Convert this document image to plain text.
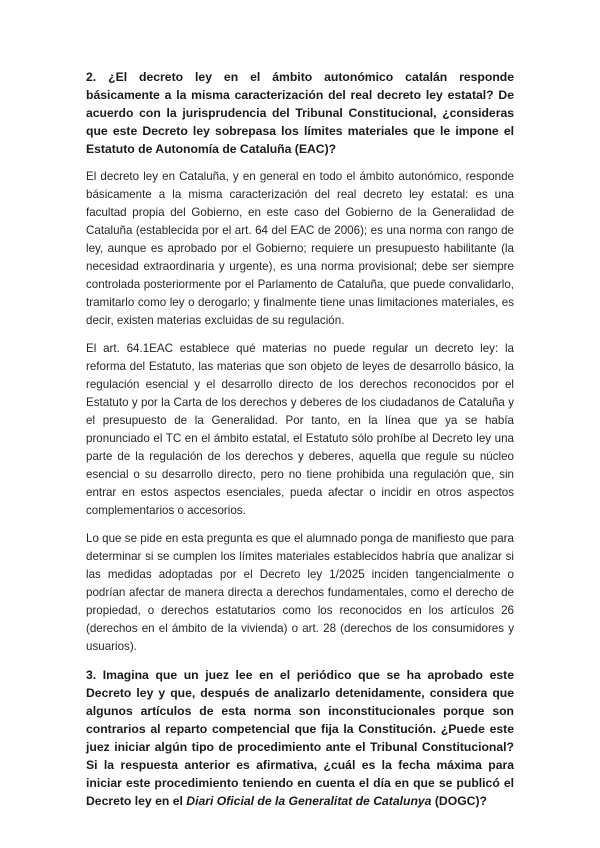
2. ¿El decreto ley en el ámbito autonómico catalán responde básicamente a la misma caracterización del real decreto ley estatal? De acuerdo con la jurisprudencia del Tribunal Constitucional, ¿consideras que este Decreto ley sobrepasa los límites materiales que le impone el Estatuto de Autonomía de Cataluña (EAC)?

El decreto ley en Cataluña, y en general en todo el ámbito autonómico, responde básicamente a la misma caracterización del real decreto ley estatal: es una facultad propia del Gobierno, en este caso del Gobierno de la Generalidad de Cataluña (establecida por el art. 64 del EAC de 2006); es una norma con rango de ley, aunque es aprobado por el Gobierno; requiere un presupuesto habilitante (la necesidad extraordinaria y urgente), es una norma provisional; debe ser siempre controlada posteriormente por el Parlamento de Cataluña, que puede convalidarlo, tramitarlo como ley o derogarlo; y finalmente tiene unas limitaciones materiales, es decir, existen materias excluidas de su regulación.

El art. 64.1EAC establece qué materias no puede regular un decreto ley: la reforma del Estatuto, las materias que son objeto de leyes de desarrollo básico, la regulación esencial y el desarrollo directo de los derechos reconocidos por el Estatuto y por la Carta de los derechos y deberes de los ciudadanos de Cataluña y el presupuesto de la Generalidad. Por tanto, en la línea que ya se había pronunciado el TC en el ámbito estatal, el Estatuto sólo prohíbe al Decreto ley una parte de la regulación de los derechos y deberes, aquella que regule su núcleo esencial o su desarrollo directo, pero no tiene prohibida una regulación que, sin entrar en estos aspectos esenciales, pueda afectar o incidir en otros aspectos complementarios o accesorios.

Lo que se pide en esta pregunta es que el alumnado ponga de manifiesto que para determinar si se cumplen los límites materiales establecidos habría que analizar si las medidas adoptadas por el Decreto ley 1/2025 inciden tangencialmente o podrían afectar de manera directa a derechos fundamentales, como el derecho de propiedad, o derechos estatutarios como los reconocidos en los artículos 26 (derechos en el ámbito de la vivienda) o art. 28 (derechos de los consumidores y usuarios).

3. Imagina que un juez lee en el periódico que se ha aprobado este Decreto ley y que, después de analizarlo detenidamente, considera que algunos artículos de esta norma son inconstitucionales porque son contrarios al reparto competencial que fija la Constitución. ¿Puede este juez iniciar algún tipo de procedimiento ante el Tribunal Constitucional? Si la respuesta anterior es afirmativa, ¿cuál es la fecha máxima para iniciar este procedimiento teniendo en cuenta el día en que se publicó el Decreto ley en el Diari Oficial de la Generalitat de Catalunya (DOGC)?
